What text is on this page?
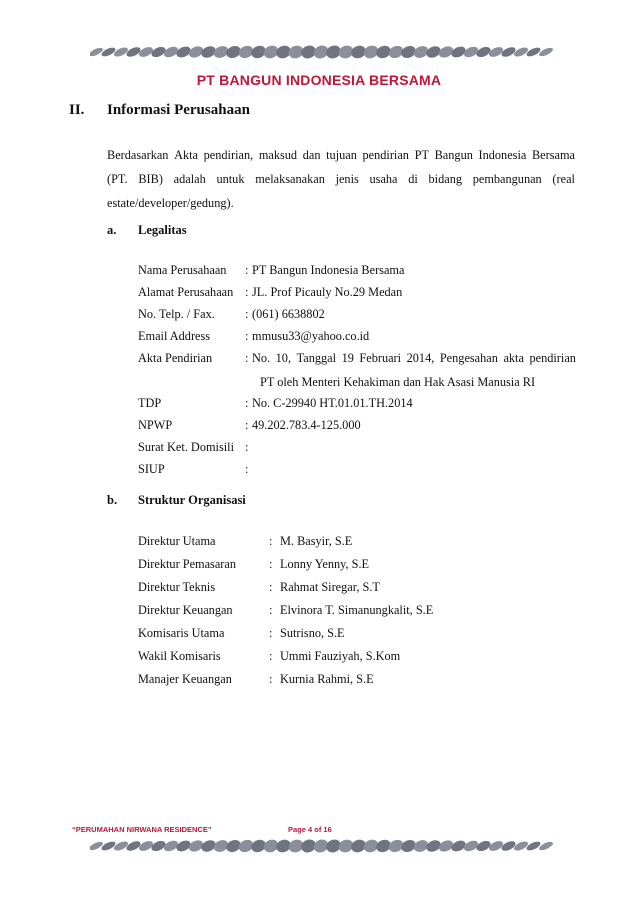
PT BANGUN INDONESIA BERSAMA
II. Informasi Perusahaan
Berdasarkan Akta pendirian, maksud dan tujuan pendirian PT Bangun Indonesia Bersama
(PT. BIB) adalah untuk melaksanakan jenis usaha di bidang pembangunan (real
estate/developer/gedung).
a. Legalitas
Nama Perusahaan : PT Bangun Indonesia Bersama
Alamat Perusahaan : JL. Prof Picauly No.29 Medan
No. Telp. / Fax. : (061) 6638802
Email Address	: mmusu33@yahoo.co.id
Akta Pendirian	: No. 10, Tanggal 19 Februari 2014, Pengesahan akta pendirian
PT oleh Menteri Kehakiman dan Hak Asasi Manusia RI
TDP	: No. C-29940 HT.01.01.TH.2014
NPWP	: 49.202.783.4-125.000
Surat Ket. Domisili :
SIUP	:
b. Struktur Organisasi
Direktur Utama	: M. Basyir, S.E
Direktur Pemasaran	: Lonny Yenny, S.E
Direktur Teknis	: Rahmat Siregar, S.T
Direktur Keuangan	: Elvinora T. Simanungkalit, S.E
Komisaris Utama	: Sutrisno, S.E
Wakil Komisaris	: Ummi Fauziyah, S.Kom
Manajer Keuangan	: Kurnia Rahmi, S.E
“PERUMAHAN NIRWANA RESIDENCE”	Page 4 of 16
